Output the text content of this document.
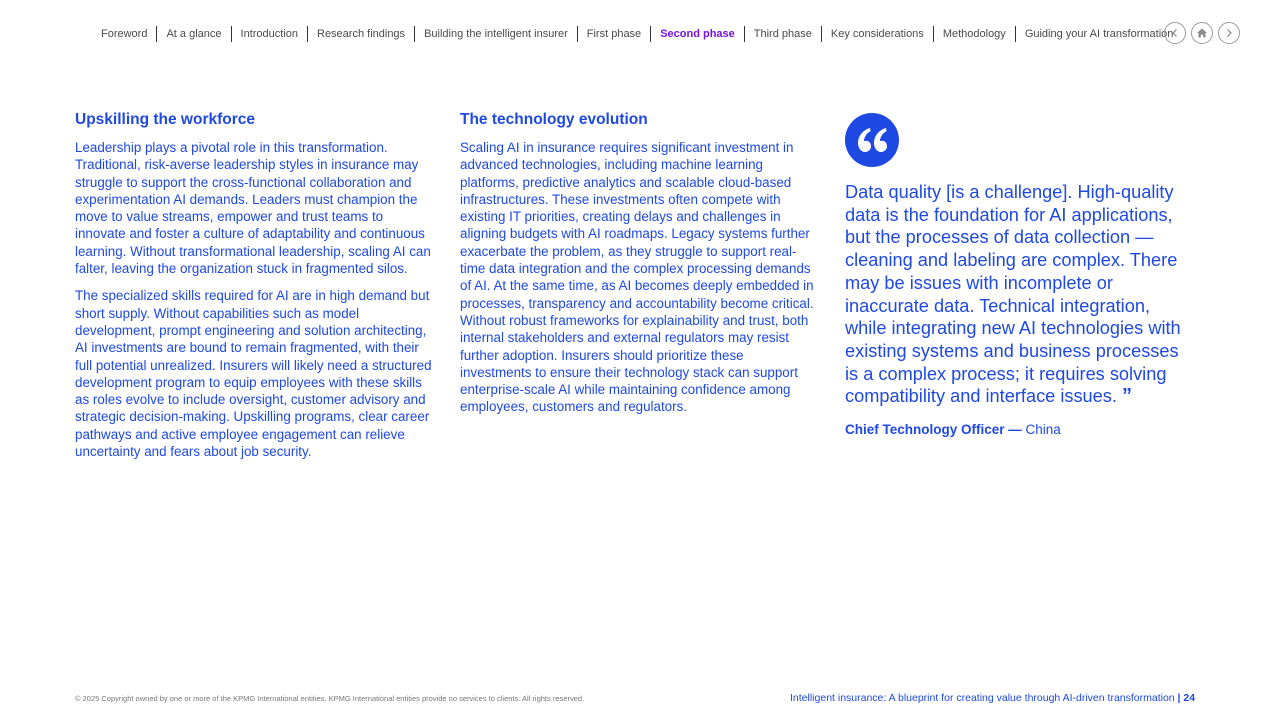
Foreword	At a glance	Introduction	Research findings	Building the intelligent insurer	First phase	Second phase	Third phase	Key considerations	Methodology	Guiding your AI transformation
Upskilling the workforce

Leadership plays a pivotal role in this transformation. Traditional, risk-averse leadership styles in insurance may struggle to support the cross-functional collaboration and experimentation AI demands. Leaders must champion the move to value streams, empower and trust teams to innovate and foster a culture of adaptability and continuous learning. Without transformational leadership, scaling AI can falter, leaving the organization stuck in fragmented silos.

The specialized skills required for AI are in high demand but short supply. Without capabilities such as model development, prompt engineering and solution architecting, AI investments are bound to remain fragmented, with their full potential unrealized. Insurers will likely need a structured development program to equip employees with these skills as roles evolve to include oversight, customer advisory and strategic decision-making. Upskilling programs, clear career pathways and active employee engagement can relieve uncertainty and fears about job security.

The technology evolution

Scaling AI in insurance requires significant investment in advanced technologies, including machine learning platforms, predictive analytics and scalable cloud-based infrastructures. These investments often compete with existing IT priorities, creating delays and challenges in aligning budgets with AI roadmaps. Legacy systems further exacerbate the problem, as they struggle to support real-time data integration and the complex processing demands of AI. At the same time, as AI becomes deeply embedded in processes, transparency and accountability become critical. Without robust frameworks for explainability and trust, both internal stakeholders and external regulators may resist further adoption. Insurers should prioritize these investments to ensure their technology stack can support enterprise-scale AI while maintaining confidence among employees, customers and regulators.

Data quality [is a challenge]. High-quality data is the foundation for AI applications, but the processes of data collection — cleaning and labeling are complex. There may be issues with incomplete or inaccurate data. Technical integration, while integrating new AI technologies with existing systems and business processes is a complex process; it requires solving compatibility and interface issues. ”
Chief Technology Officer — China
© 2025 Copyright owned by one or more of the KPMG International entities. KPMG International entities provide no services to clients. All rights reserved.	Intelligent insurance: A blueprint for creating value through AI-driven transformation | 24
